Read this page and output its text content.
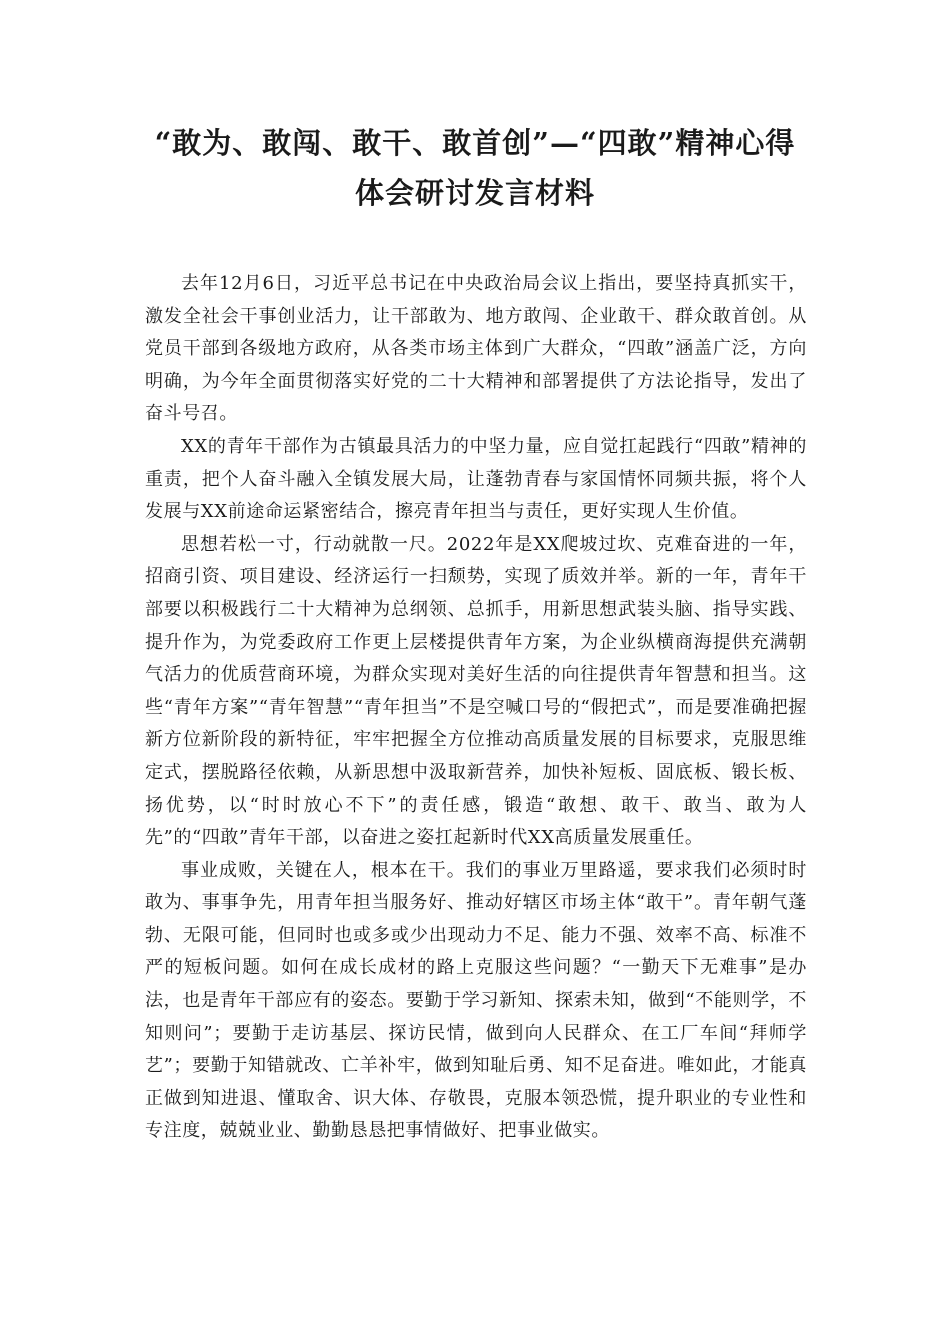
“敢为、敢闯、敢干、敢首创”—“四敢”精神心得
体会研讨发言材料

去年12月6日，习近平总书记在中央政治局会议上指出，要坚持真抓实干，激发全社会干事创业活力，让干部敢为、地方敢闯、企业敢干、群众敢首创。从党员干部到各级地方政府，从各类市场主体到广大群众，“四敢”涵盖广泛，方向明确，为今年全面贯彻落实好党的二十大精神和部署提供了方法论指导，发出了奋斗号召。

XX的青年干部作为古镇最具活力的中坚力量，应自觉扛起践行“四敢”精神的重责，把个人奋斗融入全镇发展大局，让蓬勃青春与家国情怀同频共振，将个人发展与XX前途命运紧密结合，擦亮青年担当与责任，更好实现人生价值。

思想若松一寸，行动就散一尺。2022年是XX爬坡过坎、克难奋进的一年，招商引资、项目建设、经济运行一扫颓势，实现了质效并举。新的一年，青年干部要以积极践行二十大精神为总纲领、总抓手，用新思想武装头脑、指导实践、提升作为，为党委政府工作更上层楼提供青年方案，为企业纵横商海提供充满朝气活力的优质营商环境，为群众实现对美好生活的向往提供青年智慧和担当。这些“青年方案”“青年智慧”“青年担当”不是空喊口号的“假把式”，而是要准确把握新方位新阶段的新特征，牢牢把握全方位推动高质量发展的目标要求，克服思维定式，摆脱路径依赖，从新思想中汲取新营养，加快补短板、固底板、锻长板、扬优势，以“时时放心不下”的责任感，锻造“敢想、敢干、敢当、敢为人先”的“四敢”青年干部，以奋进之姿扛起新时代XX高质量发展重任。

事业成败，关键在人，根本在干。我们的事业万里路遥，要求我们必须时时敢为、事事争先，用青年担当服务好、推动好辖区市场主体“敢干”。青年朝气蓬勃、无限可能，但同时也或多或少出现动力不足、能力不强、效率不高、标准不严的短板问题。如何在成长成材的路上克服这些问题？“一勤天下无难事”是办法，也是青年干部应有的姿态。要勤于学习新知、探索未知，做到“不能则学，不知则问”；要勤于走访基层、探访民情，做到向人民群众、在工厂车间“拜师学艺”；要勤于知错就改、亡羊补牢，做到知耻后勇、知不足奋进。唯如此，才能真正做到知进退、懂取舍、识大体、存敬畏，克服本领恐慌，提升职业的专业性和专注度，兢兢业业、勤勤恳恳把事情做好、把事业做实。
